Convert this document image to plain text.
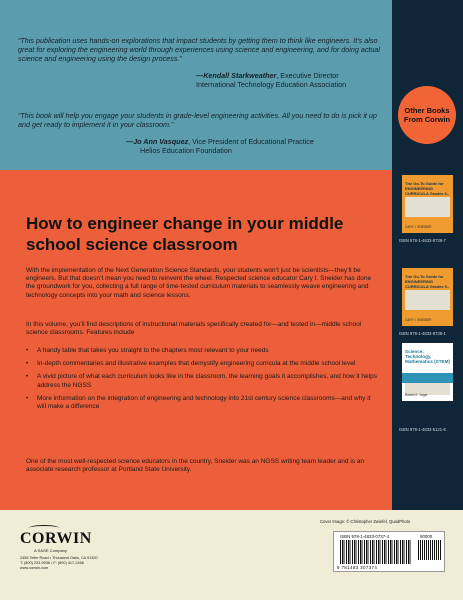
“This publication uses hands-on explorations that impact students by getting them to think like engineers. It’s also great for exploring the engineering world through experiences using science and engineering, and for doing actual science and engineering using the design process.”

—Kendall Starkweather, Executive Director
International Technology Education Association

“This book will help you engage your students in grade-level engineering activities. All you need to do is pick it up and get ready to implement it in your classroom.”

—Jo Ann Vasquez, Vice President of Educational Practice
Helios Education Foundation
How to engineer change in your middle school science classroom

With the implementation of the Next Generation Science Standards, your students won’t just be scientists—they’ll be engineers. But that doesn’t mean you need to reinvent the wheel. Respected science educator Cary I. Sneider has done the groundwork for you, collecting a full range of time-tested curriculum materials to seamlessly weave engineering and technology concepts into your math and science lessons.

In this volume, you’ll find descriptions of instructional materials specifically created for—and tested in—middle school science classrooms. Features include

• A handy table that takes you straight to the chapters most relevant to your needs
• In-depth commentaries and illustrative examples that demystify engineering curricula at the middle school level
• A vivid picture of what each curriculum looks like in the classroom, the learning goals it accomplishes, and how it helps address the NGSS
• More information on the integration of engineering and technology into 21st century science classrooms—and why it will make a difference

One of the most well-respected science educators in the country, Sneider was an NGSS writing team leader and is an associate research professor at Portland State University.

Other Books From Corwin
The Go-To Guide for ENGINEERING CURRICULA Grades 6–
CARY I. SNEIDER
ISBN 978-1-4833-8736-7
The Go-To Guide for ENGINEERING CURRICULA Grades 9–
CARY I. SNEIDER
ISBN 978-1-4833-8738-1
Science, Technology, Mathematics (STEM)
Robert E. Yager
ISBN 978-1-4833-5121-6
CORWIN
A SAGE Company
2455 Teller Road • Thousand Oaks, CA 91320
T: (800) 233-9936 • F: (800) 417-2466
www.corwin.com
Cover Image: © Christopher Zwiefel, QuadPhoto
ISBN 978-1-4833-0737-4	90000
9 781483 307374
